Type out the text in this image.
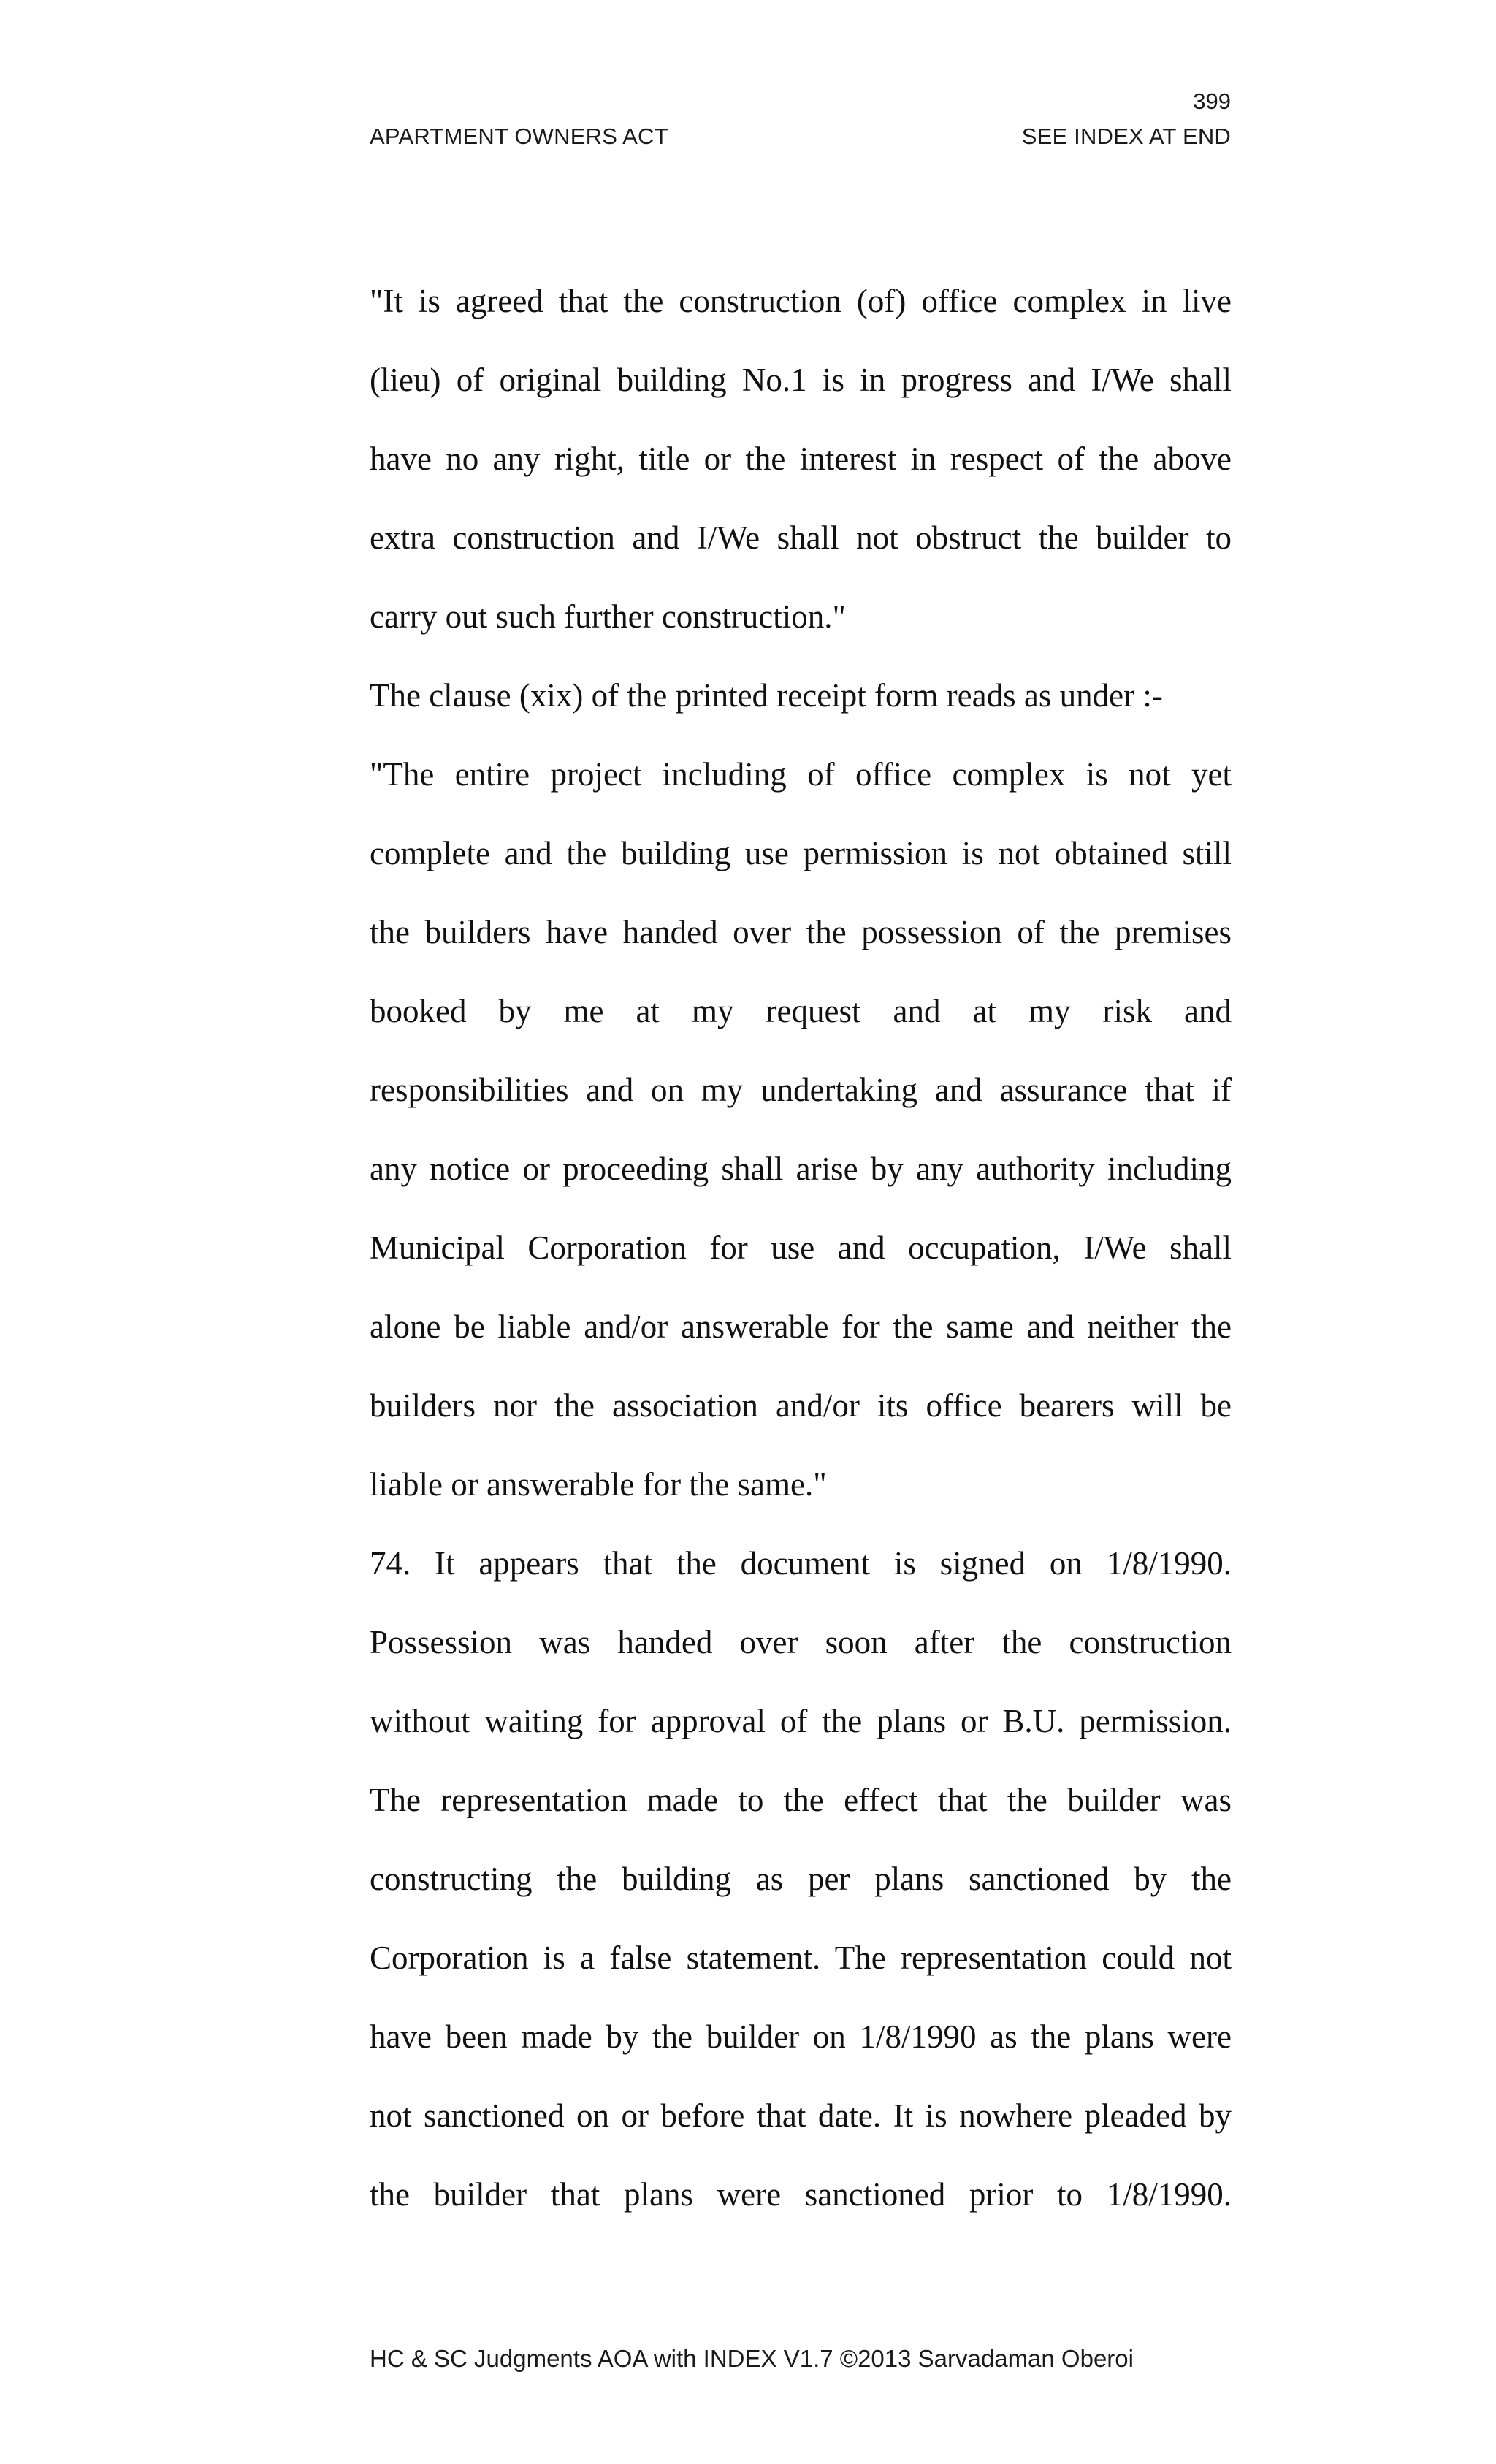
399
APARTMENT OWNERS ACT	SEE INDEX AT END

"It is agreed that the construction (of) office complex in live

(lieu) of original building No.1 is in progress and I/We shall

have no any right, title or the interest in respect of the above

extra construction and I/We shall not obstruct the builder to

carry out such further construction."

The clause (xix) of the printed receipt form reads as under :-

"The entire project including of office complex is not yet

complete and the building use permission is not obtained still

the builders have handed over the possession of the premises

booked by me at my request and at my risk and

responsibilities and on my undertaking and assurance that if

any notice or proceeding shall arise by any authority including

Municipal Corporation for use and occupation, I/We shall

alone be liable and/or answerable for the same and neither the

builders nor the association and/or its office bearers will be

liable or answerable for the same."

74. It appears that the document is signed on 1/8/1990.

Possession was handed over soon after the construction

without waiting for approval of the plans or B.U. permission.

The representation made to the effect that the builder was

constructing the building as per plans sanctioned by the

Corporation is a false statement. The representation could not

have been made by the builder on 1/8/1990 as the plans were

not sanctioned on or before that date. It is nowhere pleaded by

the builder that plans were sanctioned prior to 1/8/1990.

HC & SC Judgments AOA with INDEX V1.7 ©2013 Sarvadaman Oberoi
